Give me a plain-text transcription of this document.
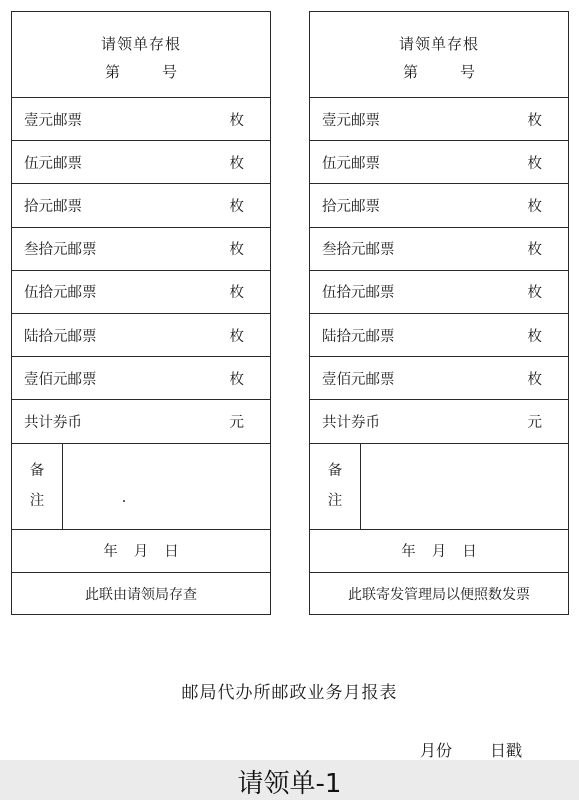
请领单存根
第	号
壹元邮票	枚
伍元邮票	枚
拾元邮票	枚
叁拾元邮票	枚
伍拾元邮票	枚
陆拾元邮票	枚
壹佰元邮票	枚
共计券币	元
备
注
年 月 日
此联由请领局存查
请领单存根
第	号
壹元邮票	枚
伍元邮票	枚
拾元邮票	枚
叁拾元邮票	枚
伍拾元邮票	枚
陆拾元邮票	枚
壹佰元邮票	枚
共计券币	元
备
注
年 月 日
此联寄发管理局以便照数发票
邮局代办所邮政业务月报表
月份 日戳
请领单-1
